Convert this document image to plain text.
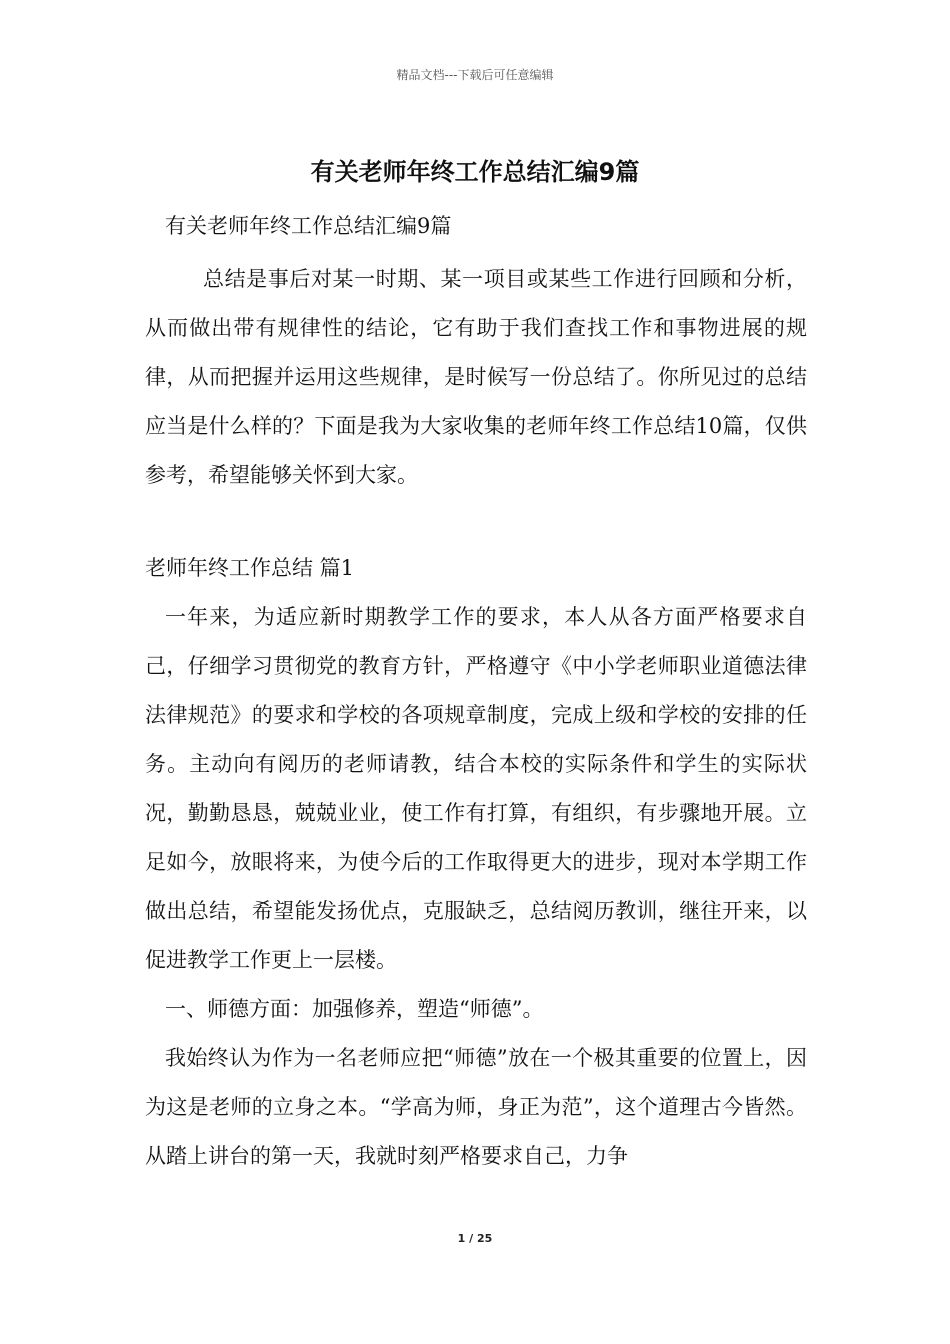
精品文档---下载后可任意编辑
有关老师年终工作总结汇编9篇

有关老师年终工作总结汇编9篇

总结是事后对某一时期、某一项目或某些工作进行回顾和分析，从而做出带有规律性的结论，它有助于我们查找工作和事物进展的规律，从而把握并运用这些规律，是时候写一份总结了。你所见过的总结应当是什么样的？下面是我为大家收集的老师年终工作总结10篇，仅供参考，希望能够关怀到大家。

老师年终工作总结 篇1

一年来，为适应新时期教学工作的要求，本人从各方面严格要求自己，仔细学习贯彻党的教育方针，严格遵守《中小学老师职业道德法律法律规范》的要求和学校的各项规章制度，完成上级和学校的安排的任务。主动向有阅历的老师请教，结合本校的实际条件和学生的实际状况，勤勤恳恳，兢兢业业，使工作有打算，有组织，有步骤地开展。立足如今，放眼将来，为使今后的工作取得更大的进步，现对本学期工作做出总结，希望能发扬优点，克服缺乏，总结阅历教训，继往开来，以促进教学工作更上一层楼。

一、师德方面：加强修养，塑造“师德”。

我始终认为作为一名老师应把“师德”放在一个极其重要的位置上，因为这是老师的立身之本。“学高为师，身正为范”，这个道理古今皆然。从踏上讲台的第一天，我就时刻严格要求自己，力争

1 / 25
